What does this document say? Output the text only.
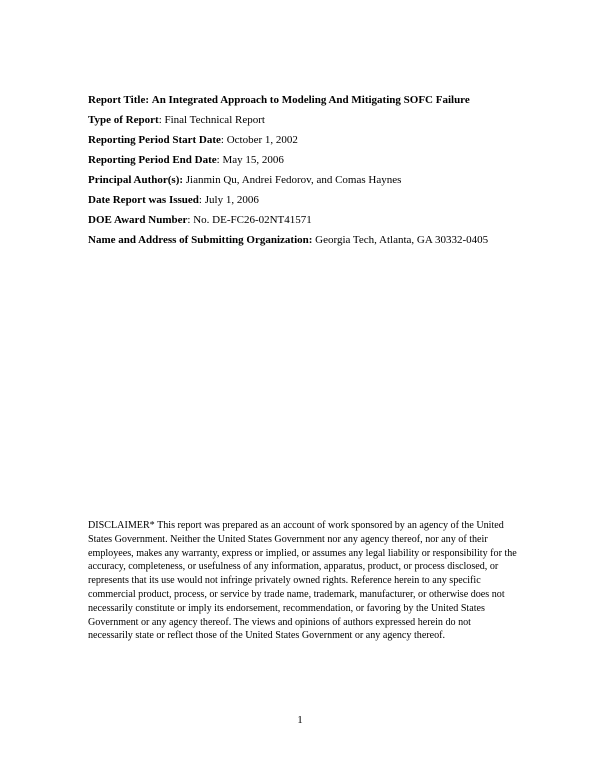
Report Title: An Integrated Approach to Modeling And Mitigating SOFC Failure
Type of Report: Final Technical Report
Reporting Period Start Date: October 1, 2002
Reporting Period End Date: May 15, 2006
Principal Author(s): Jianmin Qu, Andrei Fedorov, and Comas Haynes
Date Report was Issued: July 1, 2006
DOE Award Number: No. DE-FC26-02NT41571
Name and Address of Submitting Organization: Georgia Tech, Atlanta, GA 30332-0405
DISCLAIMER* This report was prepared as an account of work sponsored by an agency of the United States Government. Neither the United States Government nor any agency thereof, nor any of their employees, makes any warranty, express or implied, or assumes any legal liability or responsibility for the accuracy, completeness, or usefulness of any information, apparatus, product, or process disclosed, or represents that its use would not infringe privately owned rights. Reference herein to any specific commercial product, process, or service by trade name, trademark, manufacturer, or otherwise does not necessarily constitute or imply its endorsement, recommendation, or favoring by the United States Government or any agency thereof. The views and opinions of authors expressed herein do not necessarily state or reflect those of the United States Government or any agency thereof.
1
